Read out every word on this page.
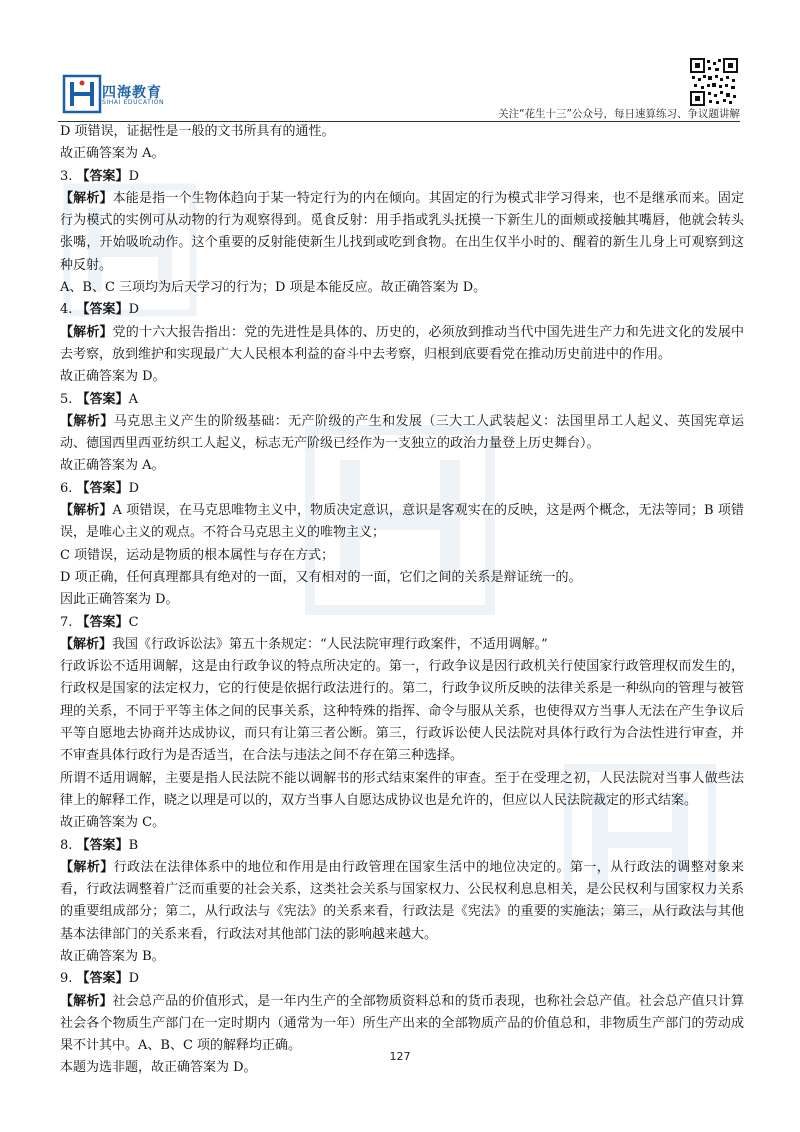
四海教育
SIHAI EDUCATION
关注“花生十三”公众号，每日速算练习、争议题讲解

D 项错误，证据性是一般的文书所具有的通性。

故正确答案为 A。

3. 【答案】D

【解析】本能是指一个生物体趋向于某一特定行为的内在倾向。其固定的行为模式非学习得来，也不是继承而来。固定行为模式的实例可从动物的行为观察得到。觅食反射：用手指或乳头抚摸一下新生儿的面颊或接触其嘴唇，他就会转头张嘴，开始吸吮动作。这个重要的反射能使新生儿找到或吃到食物。在出生仅半小时的、醒着的新生儿身上可观察到这种反射。

A、B、C 三项均为后天学习的行为；D 项是本能反应。故正确答案为 D。

4. 【答案】D

【解析】党的十六大报告指出：党的先进性是具体的、历史的，必须放到推动当代中国先进生产力和先进文化的发展中去考察，放到维护和实现最广大人民根本利益的奋斗中去考察，归根到底要看党在推动历史前进中的作用。

故正确答案为 D。

5. 【答案】A

【解析】马克思主义产生的阶级基础：无产阶级的产生和发展（三大工人武装起义：法国里昂工人起义、英国宪章运动、德国西里西亚纺织工人起义，标志无产阶级已经作为一支独立的政治力量登上历史舞台）。

故正确答案为 A。

6. 【答案】D

【解析】A 项错误，在马克思唯物主义中，物质决定意识，意识是客观实在的反映，这是两个概念，无法等同；B 项错误，是唯心主义的观点。不符合马克思主义的唯物主义；

C 项错误，运动是物质的根本属性与存在方式；

D 项正确，任何真理都具有绝对的一面，又有相对的一面，它们之间的关系是辩证统一的。

因此正确答案为 D。

7. 【答案】C

【解析】我国《行政诉讼法》第五十条规定：“人民法院审理行政案件，不适用调解。”

行政诉讼不适用调解，这是由行政争议的特点所决定的。第一，行政争议是因行政机关行使国家行政管理权而发生的，行政权是国家的法定权力，它的行使是依据行政法进行的。第二，行政争议所反映的法律关系是一种纵向的管理与被管理的关系，不同于平等主体之间的民事关系，这种特殊的指挥、命令与服从关系，也使得双方当事人无法在产生争议后平等自愿地去协商并达成协议，而只有让第三者公断。第三，行政诉讼使人民法院对具体行政行为合法性进行审查，并不审查具体行政行为是否适当，在合法与违法之间不存在第三种选择。

所谓不适用调解，主要是指人民法院不能以调解书的形式结束案件的审查。至于在受理之初，人民法院对当事人做些法律上的解释工作，晓之以理是可以的，双方当事人自愿达成协议也是允许的，但应以人民法院裁定的形式结案。

故正确答案为 C。

8. 【答案】B

【解析】行政法在法律体系中的地位和作用是由行政管理在国家生活中的地位决定的。第一，从行政法的调整对象来看，行政法调整着广泛而重要的社会关系，这类社会关系与国家权力、公民权利息息相关，是公民权利与国家权力关系的重要组成部分；第二，从行政法与《宪法》的关系来看，行政法是《宪法》的重要的实施法；第三，从行政法与其他基本法律部门的关系来看，行政法对其他部门法的影响越来越大。

故正确答案为 B。

9. 【答案】D

【解析】社会总产品的价值形式，是一年内生产的全部物质资料总和的货币表现，也称社会总产值。社会总产值只计算社会各个物质生产部门在一定时期内（通常为一年）所生产出来的全部物质产品的价值总和，非物质生产部门的劳动成果不计其中。A、B、C 项的解释均正确。

本题为选非题，故正确答案为 D。

127
